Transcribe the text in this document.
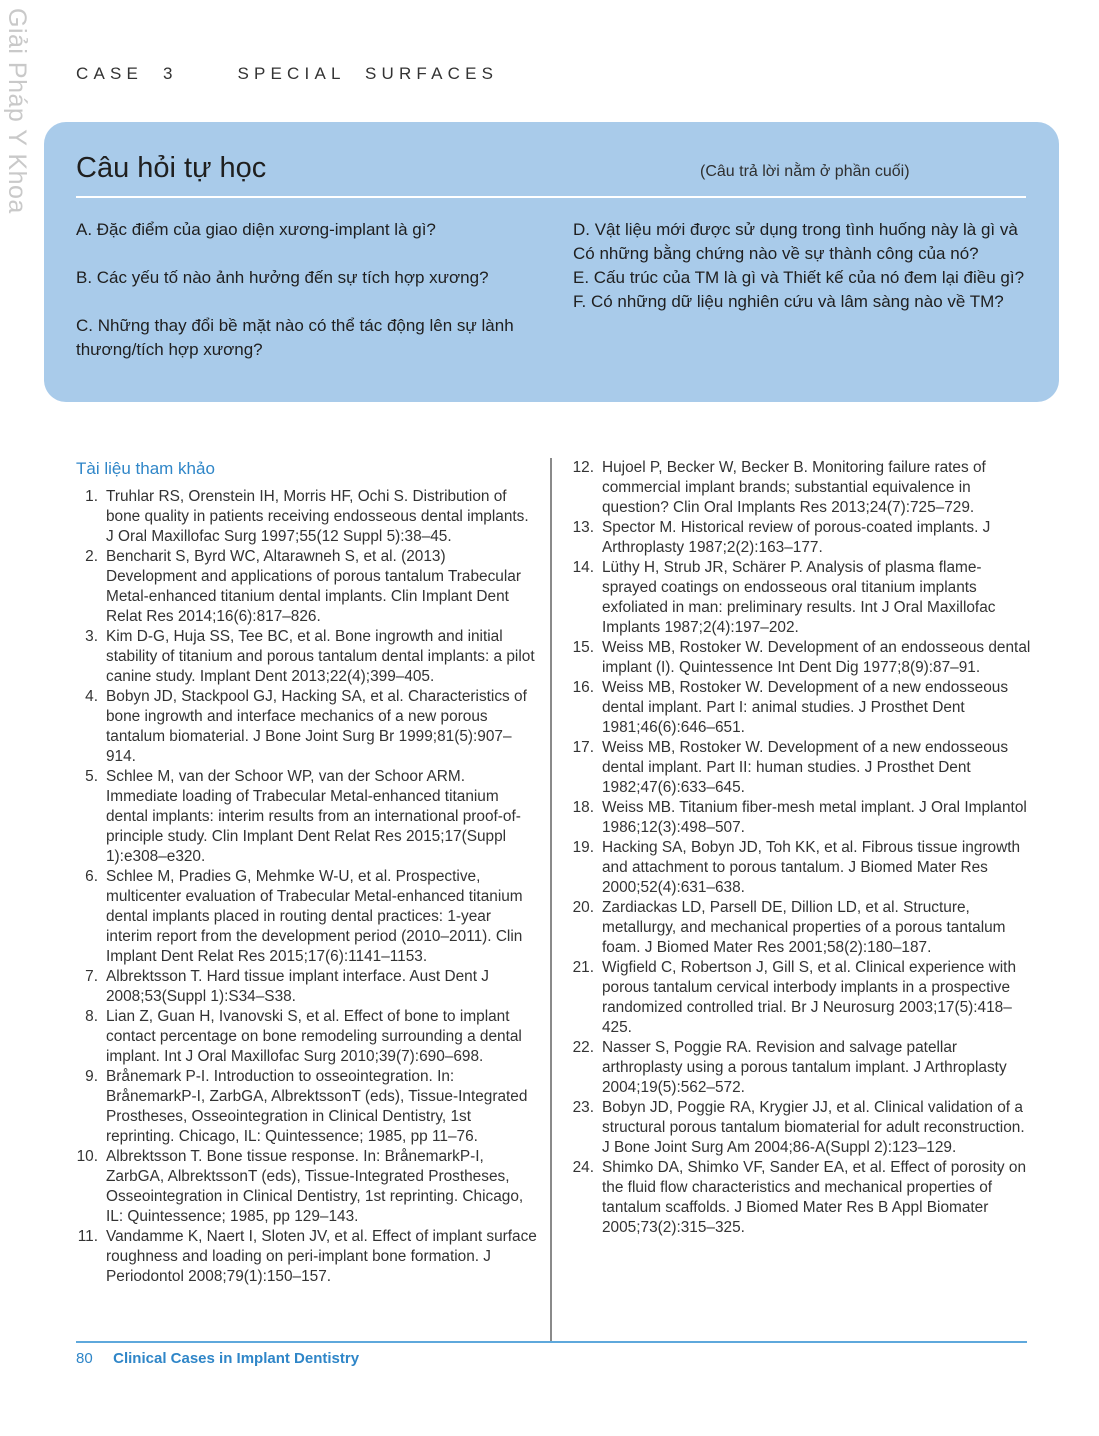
Giải Pháp Y Khoa	CASE 3   SPECIAL SURFACES
Câu hỏi tự học	(Câu trả lời nằm ở phần cuối)

A. Đặc điểm của giao diện xương-implant là gì?

B. Các yếu tố nào ảnh hưởng đến sự tích hợp xương?

C. Những thay đổi bề mặt nào có thể tác động lên sự lành thương/tích hợp xương?

D. Vật liệu mới được sử dụng trong tình huống này là gì và Có những bằng chứng nào về sự thành công của nó?

E. Cấu trúc của TM là gì và Thiết kế của nó đem lại điều gì?

F. Có những dữ liệu nghiên cứu và lâm sàng nào về TM?

Tài liệu tham khảo
1. Truhlar RS, Orenstein IH, Morris HF, Ochi S. Distribution of bone quality in patients receiving endosseous dental implants. J Oral Maxillofac Surg 1997;55(12 Suppl 5):38–45.
2. Bencharit S, Byrd WC, Altarawneh S, et al. (2013) Development and applications of porous tantalum Trabecular Metal-enhanced titanium dental implants. Clin Implant Dent Relat Res 2014;16(6):817–826.
3. Kim D-G, Huja SS, Tee BC, et al. Bone ingrowth and initial stability of titanium and porous tantalum dental implants: a pilot canine study. Implant Dent 2013;22(4);399–405.
4. Bobyn JD, Stackpool GJ, Hacking SA, et al. Characteristics of bone ingrowth and interface mechanics of a new porous tantalum biomaterial. J Bone Joint Surg Br 1999;81(5):907–914.
5. Schlee M, van der Schoor WP, van der Schoor ARM. Immediate loading of Trabecular Metal-enhanced titanium dental implants: interim results from an international proof-of-principle study. Clin Implant Dent Relat Res 2015;17(Suppl 1):e308–e320.
6. Schlee M, Pradies G, Mehmke W-U, et al. Prospective, multicenter evaluation of Trabecular Metal-enhanced titanium dental implants placed in routing dental practices: 1-year interim report from the development period (2010–2011). Clin Implant Dent Relat Res 2015;17(6):1141–1153.
7. Albrektsson T. Hard tissue implant interface. Aust Dent J 2008;53(Suppl 1):S34–S38.
8. Lian Z, Guan H, Ivanovski S, et al. Effect of bone to implant contact percentage on bone remodeling surrounding a dental implant. Int J Oral Maxillofac Surg 2010;39(7):690–698.
9. Brånemark P-I. Introduction to osseointegration. In: BrånemarkP-I, ZarbGA, AlbrektssonT (eds), Tissue-Integrated Prostheses, Osseointegration in Clinical Dentistry, 1st reprinting. Chicago, IL: Quintessence; 1985, pp 11–76.
10. Albrektsson T. Bone tissue response. In: BrånemarkP-I, ZarbGA, AlbrektssonT (eds), Tissue-Integrated Prostheses, Osseointegration in Clinical Dentistry, 1st reprinting. Chicago, IL: Quintessence; 1985, pp 129–143.
11. Vandamme K, Naert I, Sloten JV, et al. Effect of implant surface roughness and loading on peri-implant bone formation. J Periodontol 2008;79(1):150–157.
12. Hujoel P, Becker W, Becker B. Monitoring failure rates of commercial implant brands; substantial equivalence in question? Clin Oral Implants Res 2013;24(7):725–729.
13. Spector M. Historical review of porous-coated implants. J Arthroplasty 1987;2(2):163–177.
14. Lüthy H, Strub JR, Schärer P. Analysis of plasma flame-sprayed coatings on endosseous oral titanium implants exfoliated in man: preliminary results. Int J Oral Maxillofac Implants 1987;2(4):197–202.
15. Weiss MB, Rostoker W. Development of an endosseous dental implant (I). Quintessence Int Dent Dig 1977;8(9):87–91.
16. Weiss MB, Rostoker W. Development of a new endosseous dental implant. Part I: animal studies. J Prosthet Dent 1981;46(6):646–651.
17. Weiss MB, Rostoker W. Development of a new endosseous dental implant. Part II: human studies. J Prosthet Dent 1982;47(6):633–645.
18. Weiss MB. Titanium fiber-mesh metal implant. J Oral Implantol 1986;12(3):498–507.
19. Hacking SA, Bobyn JD, Toh KK, et al. Fibrous tissue ingrowth and attachment to porous tantalum. J Biomed Mater Res 2000;52(4):631–638.
20. Zardiackas LD, Parsell DE, Dillion LD, et al. Structure, metallurgy, and mechanical properties of a porous tantalum foam. J Biomed Mater Res 2001;58(2):180–187.
21. Wigfield C, Robertson J, Gill S, et al. Clinical experience with porous tantalum cervical interbody implants in a prospective randomized controlled trial. Br J Neurosurg 2003;17(5):418–425.
22. Nasser S, Poggie RA. Revision and salvage patellar arthroplasty using a porous tantalum implant. J Arthroplasty 2004;19(5):562–572.
23. Bobyn JD, Poggie RA, Krygier JJ, et al. Clinical validation of a structural porous tantalum biomaterial for adult reconstruction. J Bone Joint Surg Am 2004;86-A(Suppl 2):123–129.
24. Shimko DA, Shimko VF, Sander EA, et al. Effect of porosity on the fluid flow characteristics and mechanical properties of tantalum scaffolds. J Biomed Mater Res B Appl Biomater 2005;73(2):315–325.
80 Clinical Cases in Implant Dentistry
